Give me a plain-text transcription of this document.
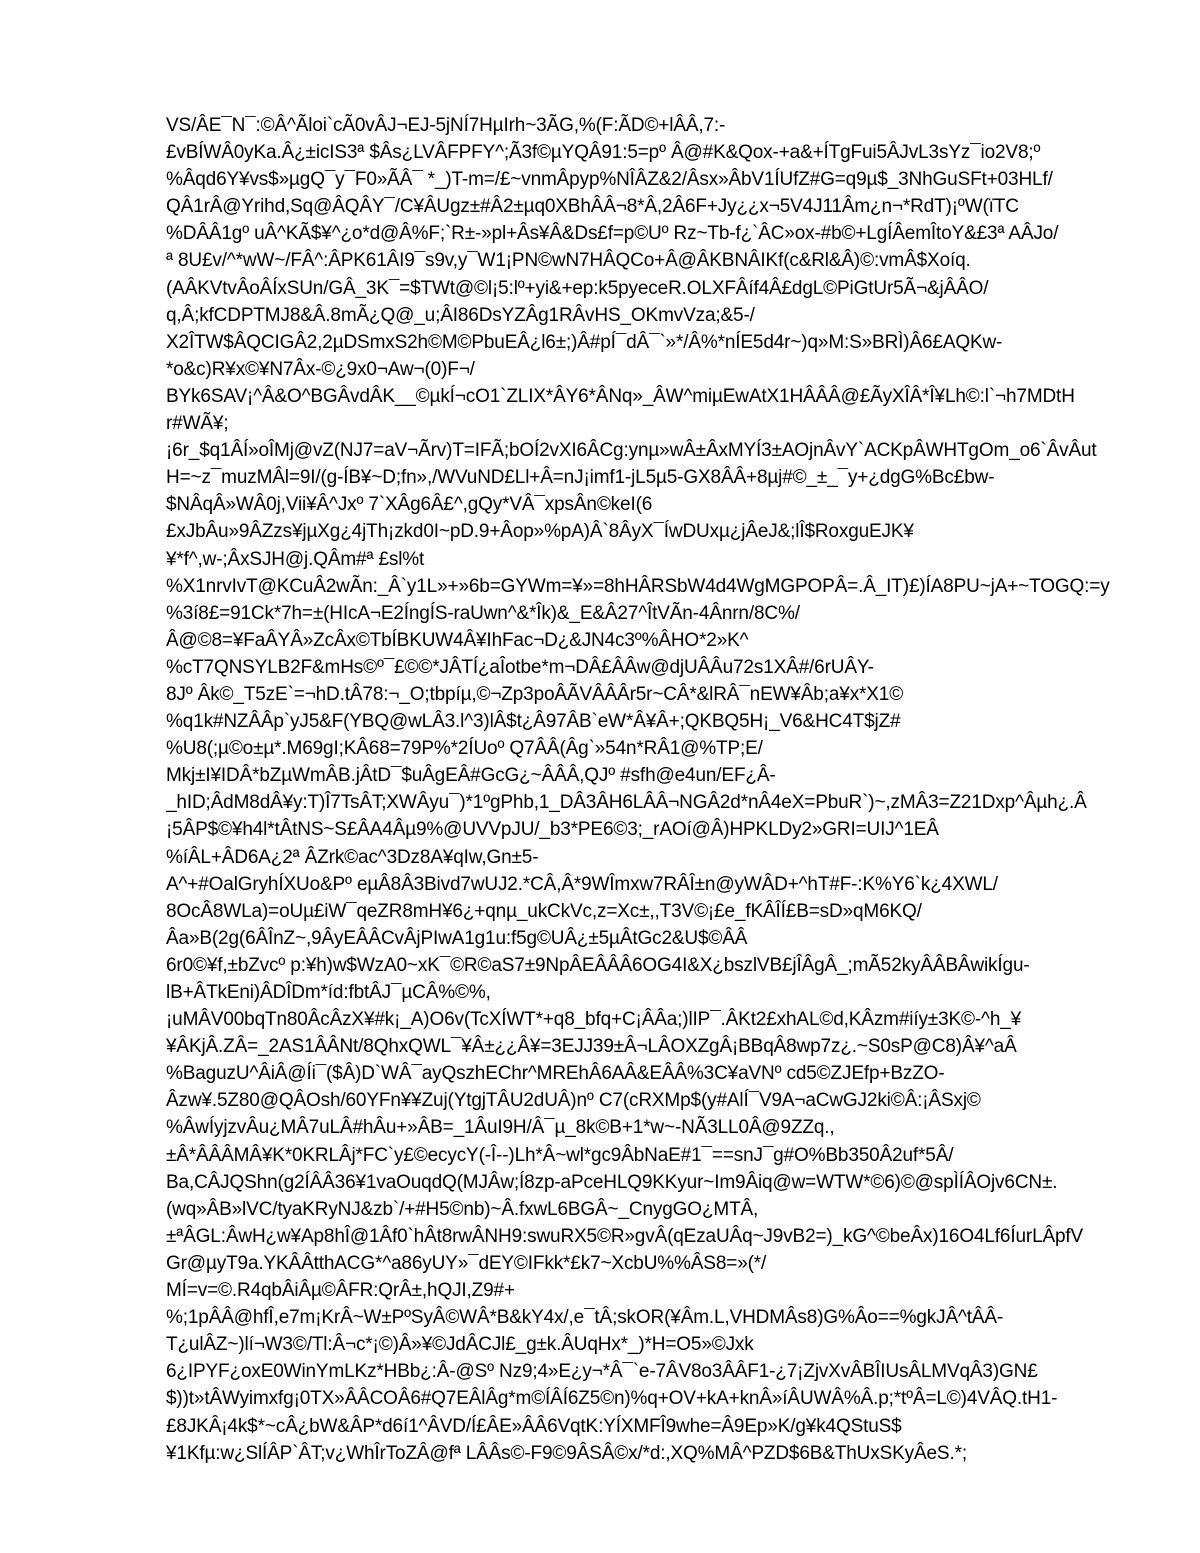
VS/ÂE¯N¯:©Â^Ãloi`cÃ0vÂJ¬EJ-5jNÍ7HµIrh~3ÃG,%(F:ÃD©+lÂÂ,7:-
£vBÍWÂ0yKa.Â¿±icIS3ª $Âs¿LVÂFPFY^;Ã3f©µYQÂ91:5=pº Â@#K&Qox-+a&+ÍTgFui5ÂJvL3sYz¯io2V8;º
%Âqd6Y¥vs$»µgQ¯y¯F0»ÃÂ¯ *_)T-m=/£~vnmÂpyp%NÎÂZ&2/Âsx»ÂbV1ÍUfZ#G=q9µ$_3NhGuSFt+03HLf/
QÂ1rÂ@Yrihd,Sq@ÂQÂY¯/C¥ÂUgz±#Â2±µq0XBhÂÂ¬8*Â,2Â6F+Jy¿¿x¬5V4J11Âm¿n¬*RdT)¡ºW(ïTC
%DÂÂ1gº uÂ^KÃ$¥^¿o*d@Â%F;`R±-»pl+Âs¥Â&Ds£f=p©Uº Rz~Tb-f¿`ÂC»ox-#b©+LgÍÂemÎtoY&£3ª AÂJo/
ª 8U£v/^*wW~/FÂ^:ÂPK61ÂI9¯s9v,y¯W1¡PN©wN7HÂQCo+Â@ÂKBNÂIKf(c&Rl&Â)©:vmÂ$Xoíq.
(AÂKVtvÂoÂÍxSUn/GÂ_3K¯=$TWt@©l¡5:lº+yi&+ep:k5pyeceR.OLXFÂíf4Â£dgL©PiGtUr5Ã¬&jÂÂO/
q,Â;kfCDPTMJ8&Â.8mÃ¿Q@_u;ÂI86DsYZÂg1RÂvHS_OKmvVza;&5-/
X2ÎTW$ÂQCIGÂ2,2µDSmxS2h©M©PbuEÂ¿l6±;)Â#pÍ¯dÂ¯`»*/Â%*nÍE5d4r~)q»M:S»BRÌ)Â6£AQKw-
*o&c)R¥x©¥N7Âx-©¿9x0¬Aw¬(0)F¬/
BYk6SAV¡^Â&O^BGÂvdÂK__©µkÍ¬cO1`ZLIX*ÂY6*ÂNq»_ÂW^miµEwAtX1HÂÂÂ@£ÃyXÎÂ*Î¥Lh©:l`¬h7MDtH
r#WÃ¥;
¡6r_$q1ÂÍ»oÎMj@vZ(NJ7=aV¬Ãrv)T=IFÃ;bOÍ2vXI6ÂCg:ynµ»wÂ±ÂxMYÍ3±AOjnÂvY`ACKpÂWHTgOm_o6`ÂvÂut
H=~z¯muzMÂl=9I/(g-ÍB¥~D;fn»,/WVuND£Ll+Â=nJ¡imf1-jL5µ5-GX8ÂÂ+8µj#©_±_¯y+¿dgG%Bc£bw-
$NÂqÂ»WÂ0j,Vii¥Â^Jxº 7`XÂg6Â£^,gQy*VÂ¯xpsÂn©keI(6
£xJbÂu»9ÂZzs¥jµXg¿4jTh¡zkd0I~pD.9+Âop»%pA)Â`8ÂyX¯ÍwDUxµ¿jÂeJ&;lÎ$RoxguEJK¥
¥*f^,w-;ÂxSJH@j.QÂm#ª £sl%t
%X1nrvIvT@KCuÂ2wÃn:_Â`y1L»+»6b=GYWm=¥»=8hHÂRSbW4d4WgMGPOPÂ=.Â_IT)£)ÍA8PU~jA+~TOGQ:=y
%3í8£=91Ck*7h=±(HIcA¬E2ÍngÍS-raUwn^&*Îk)&_E&Â27^ÎtVÃn-4Ânrn/8C%/
Â@©8=¥FaÂYÂ»ZcÂx©TbÍBKUW4Â¥IhFac¬D¿&JN4c3º%ÂHO*2»K^
%cT7QNSYLB2F&mHs©º¯£©©*JÂTÍ¿aÎotbe*m¬DÂ£ÂÂw@djUÂÂu72s1XÂ#/6rUÂY-
8Jº Âk©_T5zE`=¬hD.tÂ78:¬_O;tbpíµ,©¬Zp3poÂÃVÂÂÂr5r~CÂ*&lRÂ¯nEW¥Âb;a¥x*X1©
%q1k#NZÂÂp`yJ5&F(YBQ@wLÂ3.l^3)lÂ$t¿Â97ÂB`eW*Â¥Â+;QKBQ5H¡_V6&HC4T$jZ#
%U8(;µ©o±µ*.M69gI;KÂ68=79P%*2ÍUoº Q7ÂÂ(Âg`»54n*RÂ1@%TP;E/
Mkj±I¥IDÂ*bZµWmÂB.jÂtD¯$uÂgEÂ#GcG¿~ÂÂÂ,QJº #sfh@e4un/EF¿Â-
_hID;ÂdM8dÂ¥y:T)Î7TsÂT;XWÂyu¯)*1ºgPhb,1_DÂ3ÂH6LÂÂ¬NGÂ2d*nÂ4eX=PbuR`)~,zMÂ3=Z21Dxp^Âµh¿.Â
¡5ÂP$©¥h4l*tÂtNS~S£ÂA4Âµ9%@UVVpJU/_b3*PE6©3;_rAOí@Â)HPKLDy2»GRI=UIJ^1EÂ
%íÂL+ÂD6A¿2ª ÂZrk©ac^3Dz8A¥qIw,Gn±5-
A^+#OalGryhÍXUo&Pº eµÂ8Â3Bivd7wUJ2.*CÂ,Â*9WÎmxw7RÂÎ±n@yWÂD+^hT#F-:K%Y6`k¿4XWL/
8OcÂ8WLa)=oUµ£iW¯qeZR8mH¥6¿+qnµ_ukCkVc,z=Xc±,,T3V©¡£e_fKÂÎÍ£B=sD»qM6KQ/
Âa»B(2g(6ÂÎnZ~,9ÂyEÂÂCvÂjPIwA1g1u:f5g©UÂ¿±5µÂtGc2&U$©ÂÂ
6r0©¥f,±bZvcº p:¥h)w$WzA0~xK¯©R©aS7±9NpÂEÂÂÂ6OG4I&X¿bszlVB£jÎÂgÂ_;mÃ52kyÂÂBÂwikÍgu-
lB+ÂTkEni)ÂDÎDm*íd:fbtÂJ¯µCÂ%©%,
¡uMÂV00bqTn80ÂcÂzX¥#k¡_A)O6v(TcXÍWT*+q8_bfq+C¡ÂÂa;)lIP¯.ÂKt2£xhAL©d,KÂzm#iíy±3K©-^h_¥
¥ÂKjÂ.ZÂ=_2AS1ÂÂNt/8QhxQWL¯¥Â±¿¿Â¥=3EJJ39±Â¬LÂOXZgÂ¡BBqÂ8wp7z¿.~S0sP@C8)Â¥^aÂ
%BaguzU^ÂiÂ@Íi¯($Â)D`WÂ¯ayQszhEChr^MREhÂ6AÂ&EÂÂ%3C¥aVNº cd5©ZJEfp+BzZO-
Âzw¥.5Z80@QÂOsh/60YFn¥¥Zuj(YtgjTÂU2dUÂ)nº C7(cRXMp$(y#AlÍ¯V9A¬aCwGJ2ki©Â:¡ÂSxj©
%ÂwÍyjzvÂu¿MÂ7uLÂ#hÂu+»ÂB=_1ÂuI9H/Â¯µ_8k©B+1*w~-NÃ3LL0Â@9ZZq.,
±Â*ÂÂÂMÂ¥K*0KRLÂj*FC`y£©ecycY(-Î--)Lh*Â~wl*gc9ÂbNaE#1¯==snJ¯g#O%Bb350Â2uf*5Â/
Ba,CÂJQShn(g2ÍÂÂ36¥1vaOuqdQ(MJÂw;Í8zp-aPceHLQ9KKyur~Im9Âiq@w=WTW*©6)©@spÌÍÂOjv6CN±.
(wq»ÂB»lVC/tyaKRyNJ&zb`/+#H5©nb)~Â.fxwL6BGÂ~_CnygGO¿MTÂ,
±ªÂGL:ÂwH¿w¥Ap8hÎ@1Âf0`hÂt8rwÂNH9:swuRX5©R»gvÂ(qEzaUÂq~J9vB2=)_kG^©beÂx)16O4Lf6ÍurLÂpfV
Gr@µyT9a.YKÂÂtthACG*^a86yUY»¯dEY©IFkk*£k7~XcbU%%ÂS8=»(*/
MÍ=v=©.R4qbÂiÂµ©ÂFR:QrÂ±,hQJI,Z9#+
%;1pÂÂ@hfÎ,e7m¡KrÂ~W±PºSyÂ©WÂ*B&kY4x/,e¯tÂ;skOR(¥Âm.L,VHDMÂs8)G%Âo==%gkJÂ^tÂÂ-
T¿ulÂZ~)lí¬W3©/Tl:Â¬c*¡©)Â»¥©JdÂCJl£_g±k.ÂUqHx*_)*H=O5»©Jxk
6¿IPYF¿oxE0WinYmLKz*HBb¿:Â-@Sº Nz9;4»E¿y¬*Â¯`e-7ÂV8o3ÂÂF1-¿7¡ZjvXvÂBÎIUsÂLMVqÂ3)GN£
$))t»tÂWyimxfg¡0TX»ÂÂCOÂ6#Q7EÂlÂg*m©ÍÂÍ6Z5©n)%q+OV+kA+knÂ»íÂUWÂ%Â.p;*tºÂ=L©)4VÂQ.tH1-
£8JKÂ¡4k$*~cÂ¿bW&ÂP*d6í1^ÂVD/Í£ÂE»ÂÂ6VqtK:YÍXMFÎ9whe=Â9Ep»K/g¥k4QStuS$
¥1Kfµ:w¿SlÍÂP`ÂT;v¿WhÎrToZÂ@fª LÂÂs©-F9©9ÂSÂ©x/*d:,XQ%MÂ^PZD$6B&ThUxSKyÂeS.*;
